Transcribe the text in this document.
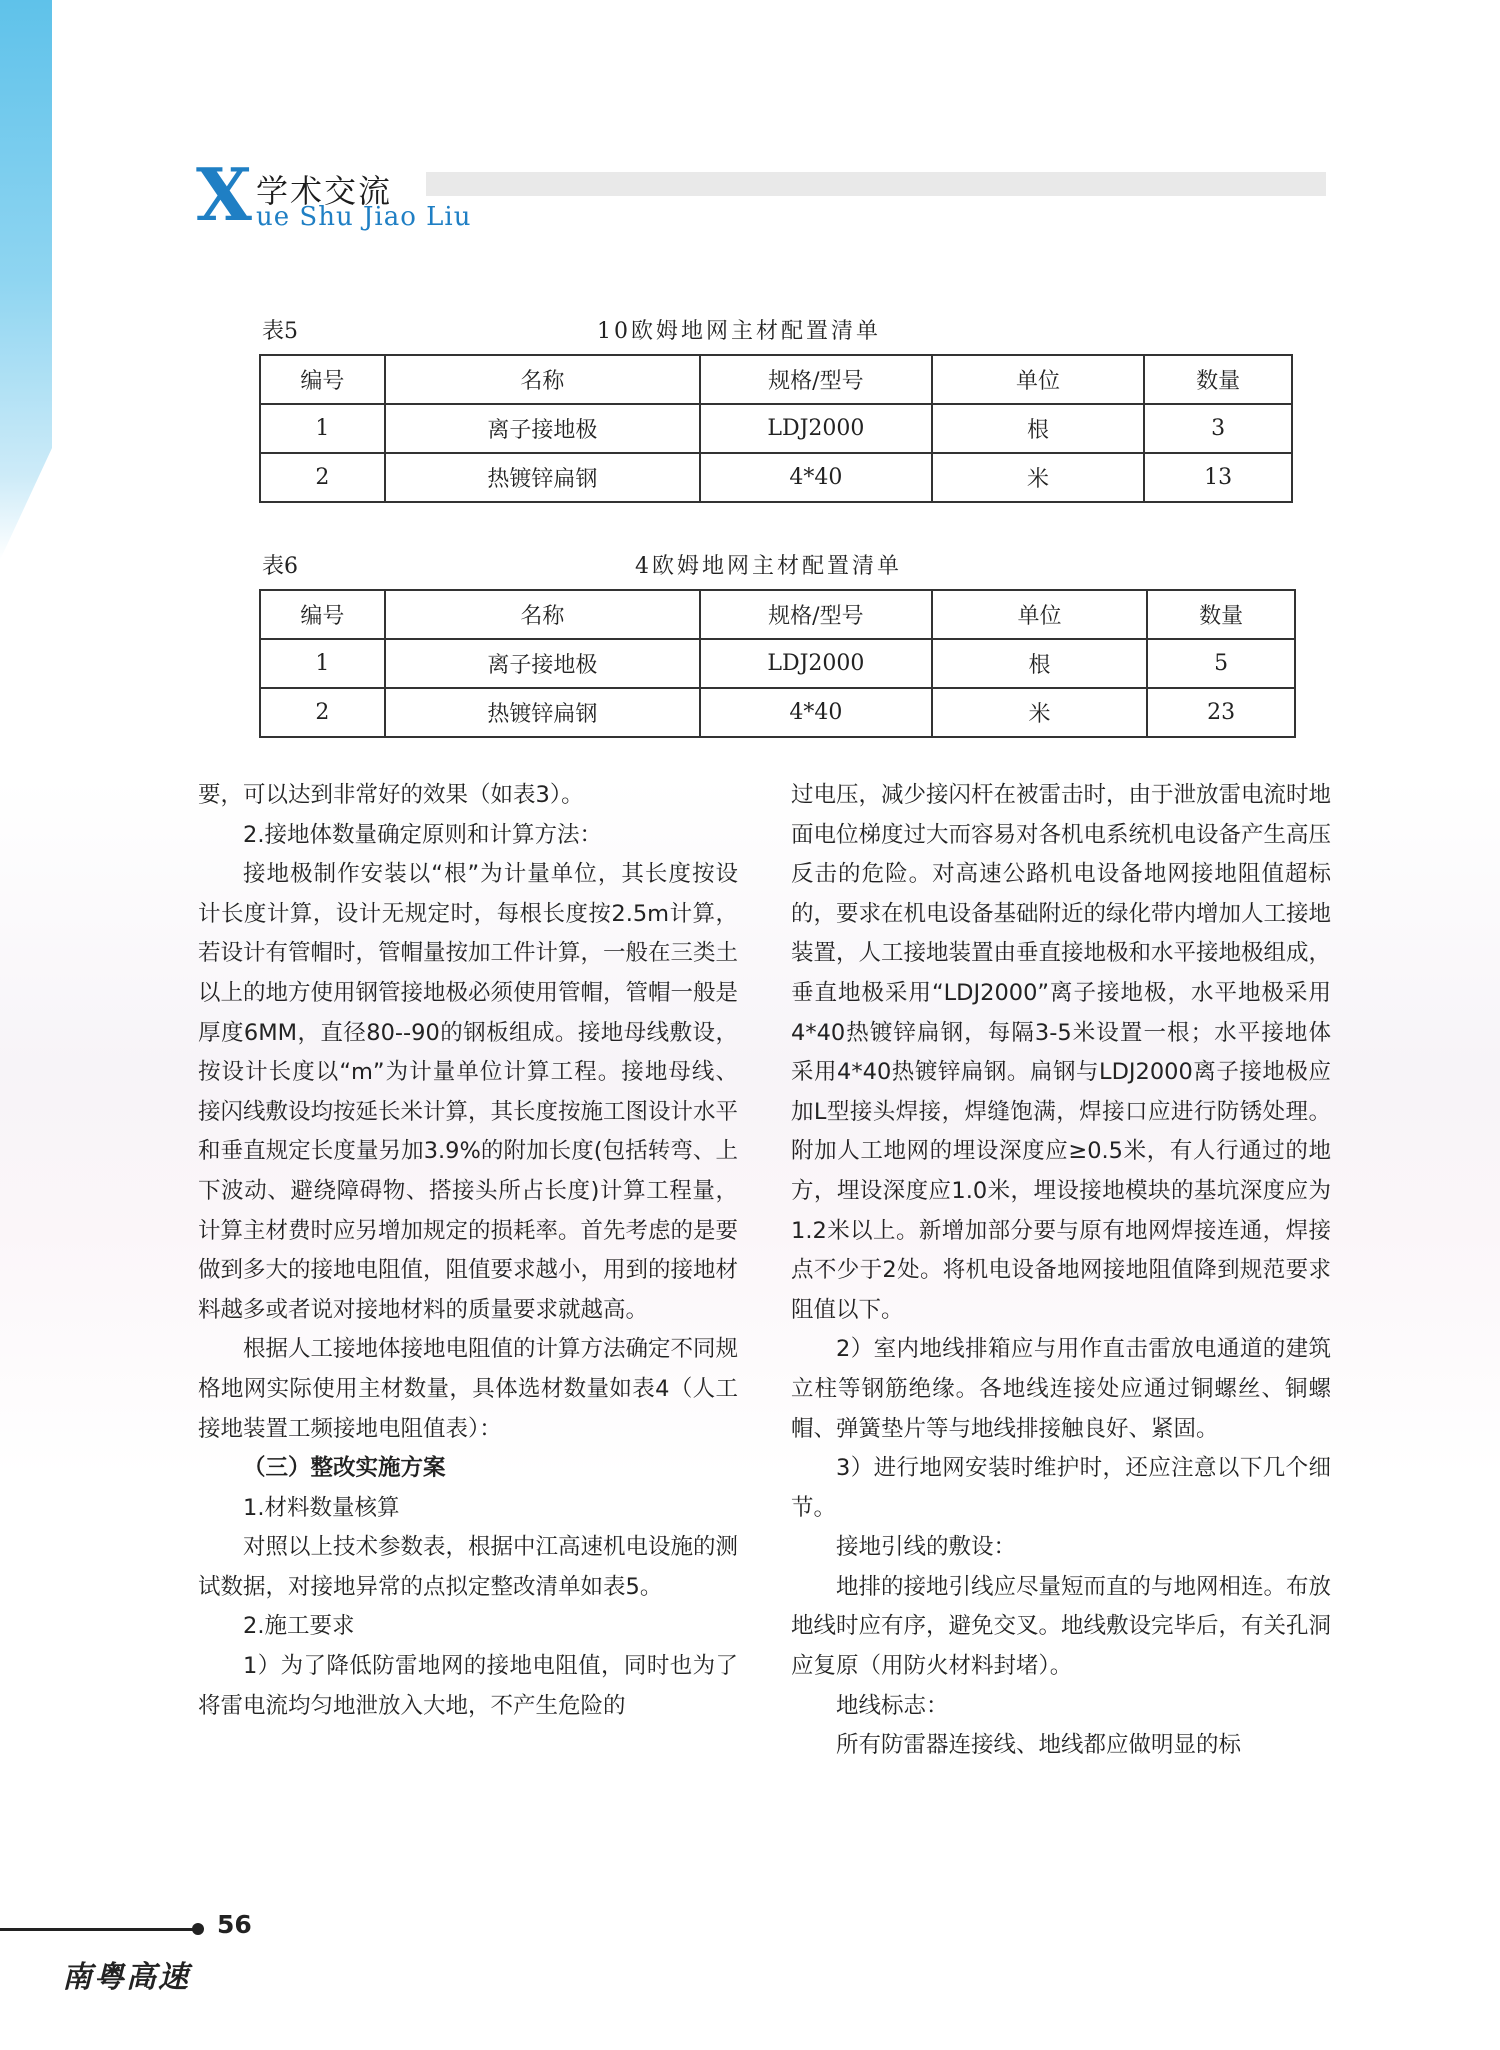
X 学术交流
ue Shu Jiao Liu
表5	10欧姆地网主材配置清单
编号	名称	规格/型号	单位	数量
1	离子接地极	LDJ2000	根	3
2	热镀锌扁钢	4*40	米	13
表6	4欧姆地网主材配置清单
编号	名称	规格/型号	单位	数量
1	离子接地极	LDJ2000	根	5
2	热镀锌扁钢	4*40	米	23

要，可以达到非常好的效果（如表3）。

2.接地体数量确定原则和计算方法：

接地极制作安装以“根”为计量单位，其长度按设计长度计算，设计无规定时，每根长度按2.5m计算，若设计有管帽时，管帽量按加工件计算，一般在三类土以上的地方使用钢管接地极必须使用管帽，管帽一般是厚度6MM，直径80--90的钢板组成。接地母线敷设，按设计长度以“m”为计量单位计算工程。接地母线、接闪线敷设均按延长米计算，其长度按施工图设计水平和垂直规定长度量另加3.9%的附加长度(包括转弯、上下波动、避绕障碍物、搭接头所占长度)计算工程量，计算主材费时应另增加规定的损耗率。首先考虑的是要做到多大的接地电阻值，阻值要求越小，用到的接地材料越多或者说对接地材料的质量要求就越高。

根据人工接地体接地电阻值的计算方法确定不同规格地网实际使用主材数量，具体选材数量如表4（人工接地装置工频接地电阻值表）：

（三）整改实施方案

1.材料数量核算

对照以上技术参数表，根据中江高速机电设施的测试数据，对接地异常的点拟定整改清单如表5。

2.施工要求

1）为了降低防雷地网的接地电阻值，同时也为了将雷电流均匀地泄放入大地，不产生危险的

过电压，减少接闪杆在被雷击时，由于泄放雷电流时地面电位梯度过大而容易对各机电系统机电设备产生高压反击的危险。对高速公路机电设备地网接地阻值超标的，要求在机电设备基础附近的绿化带内增加人工接地装置，人工接地装置由垂直接地极和水平接地极组成，垂直地极采用“LDJ2000”离子接地极，水平地极采用4*40热镀锌扁钢，每隔3-5米设置一根；水平接地体采用4*40热镀锌扁钢。扁钢与LDJ2000离子接地极应加L型接头焊接，焊缝饱满，焊接口应进行防锈处理。附加人工地网的埋设深度应≥0.5米，有人行通过的地方，埋设深度应1.0米，埋设接地模块的基坑深度应为1.2米以上。新增加部分要与原有地网焊接连通，焊接点不少于2处。将机电设备地网接地阻值降到规范要求阻值以下。

2）室内地线排箱应与用作直击雷放电通道的建筑立柱等钢筋绝缘。各地线连接处应通过铜螺丝、铜螺帽、弹簧垫片等与地线排接触良好、紧固。

3）进行地网安装时维护时，还应注意以下几个细节。

接地引线的敷设：

地排的接地引线应尽量短而直的与地网相连。布放地线时应有序，避免交叉。地线敷设完毕后，有关孔洞应复原（用防火材料封堵）。

地线标志：

所有防雷器连接线、地线都应做明显的标

56
南粤高速
